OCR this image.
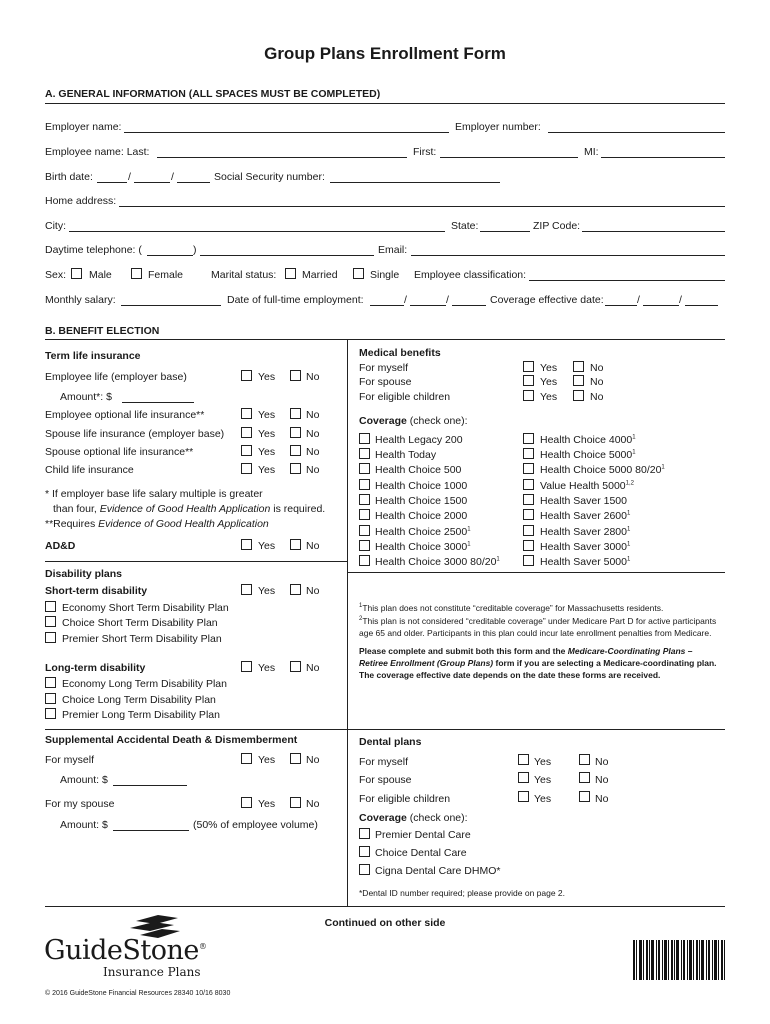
Group Plans Enrollment Form
A. GENERAL INFORMATION (ALL SPACES MUST BE COMPLETED)
Employer name:	Employer number:
Employee name: Last:	First:	MI:
Birth date:	/	/	Social Security number:
Home address:
City:	State:	ZIP Code:
Daytime telephone: (	)	Email:
Sex: Male	Female	Marital status: Married	Single Employee classification:
Monthly salary:	Date of full-time employment:	/	/	Coverage effective date:	/	/
B. BENEFIT ELECTION
Term life insurance
Employee life (employer base)	Yes	No
Amount*: $
Employee optional life insurance**	Yes	No
Spouse life insurance (employer base)	Yes	No
Spouse optional life insurance**	Yes	No
Child life insurance	Yes	No
* If employer base life salary multiple is greater
than four, Evidence of Good Health Application is required.
**Requires Evidence of Good Health Application
AD&D	Yes	No
Disability plans
Short-term disability	Yes	No
Economy Short Term Disability Plan
Choice Short Term Disability Plan
Premier Short Term Disability Plan
Long-term disability	Yes	No
Economy Long Term Disability Plan
Choice Long Term Disability Plan
Premier Long Term Disability Plan
Supplemental Accidental Death & Dismemberment
For myself	Yes	No
Amount: $
For my spouse	Yes	No
Amount: $	(50% of employee volume)
Medical benefits
For myself	Yes	No
For spouse	Yes	No
For eligible children	Yes	No
Coverage (check one):
Health Legacy 200
Health Today
Health Choice 500
Health Choice 1000
Health Choice 1500
Health Choice 2000
Health Choice 2500$^1$
Health Choice 3000$^1$
Health Choice 3000 $80/20^1$
Health Choice 4000$^1$
Health Choice 5000$^1$
Health Choice 5000 $80/20^1$
Value Health 5000$^{1,2}$
Health Saver 1500
Health Saver 2600$^1$
Health Saver 2800$^1$
Health Saver 3000$^1$
Health Saver 5000$^1$
$^1$This plan does not constitute “creditable coverage” for Massachusetts residents.
$^2$This plan is not considered “creditable coverage” under Medicare Part D for active participants age 65 and older. Participants in this plan could incur late enrollment penalties from Medicare.
Please complete and submit both this form and the Medicare-Coordinating Plans – Retiree Enrollment (Group Plans) form if you are selecting a Medicare-coordinating plan. The coverage effective date depends on the date these forms are received.
Dental plans
For myself	Yes	No
For spouse	Yes	No
For eligible children	Yes	No
Coverage (check one):
Premier Dental Care
Choice Dental Care
Cigna Dental Care DHMO*
*Dental ID number required; please provide on page 2.
Continued on other side
GuideStone®
Insurance Plans
© 2016 GuideStone Financial Resources 28340 10/16 8030
